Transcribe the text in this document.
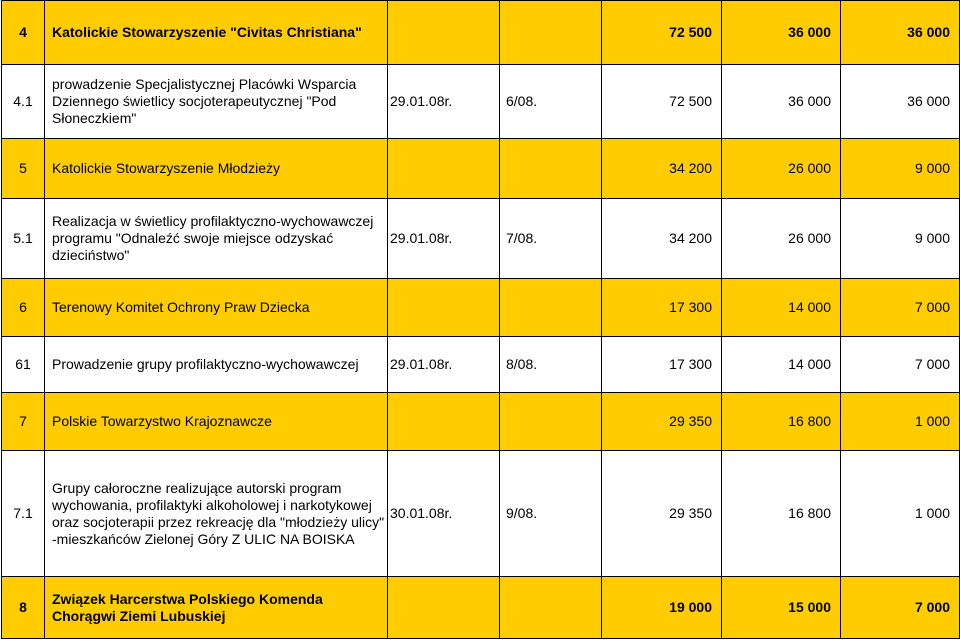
4	Katolickie Stowarzyszenie "Civitas Christiana"			72 500	36 000	36 000
4.1	prowadzenie Specjalistycznej Placówki Wsparcia Dziennego świetlicy socjoterapeutycznej "Pod Słoneczkiem"	29.01.08r.	6/08.	72 500	36 000	36 000
5	Katolickie Stowarzyszenie Młodzieży			34 200	26 000	9 000
5.1	Realizacja w świetlicy profilaktyczno-wychowawczej programu "Odnaleźć swoje miejsce odzyskać dzieciństwo"	29.01.08r.	7/08.	34 200	26 000	9 000
6	Terenowy Komitet Ochrony Praw Dziecka			17 300	14 000	7 000
61	Prowadzenie grupy profilaktyczno-wychowawczej	29.01.08r.	8/08.	17 300	14 000	7 000
7	Polskie Towarzystwo Krajoznawcze			29 350	16 800	1 000
7.1	Grupy całoroczne realizujące autorski program wychowania, profilaktyki alkoholowej i narkotykowej oraz socjoterapii przez rekreację dla "młodzieży ulicy" -mieszkańców Zielonej Góry Z ULIC NA BOISKA	30.01.08r.	9/08.	29 350	16 800	1 000
8	Związek Harcerstwa Polskiego Komenda Chorągwi Ziemi Lubuskiej			19 000	15 000	7 000
